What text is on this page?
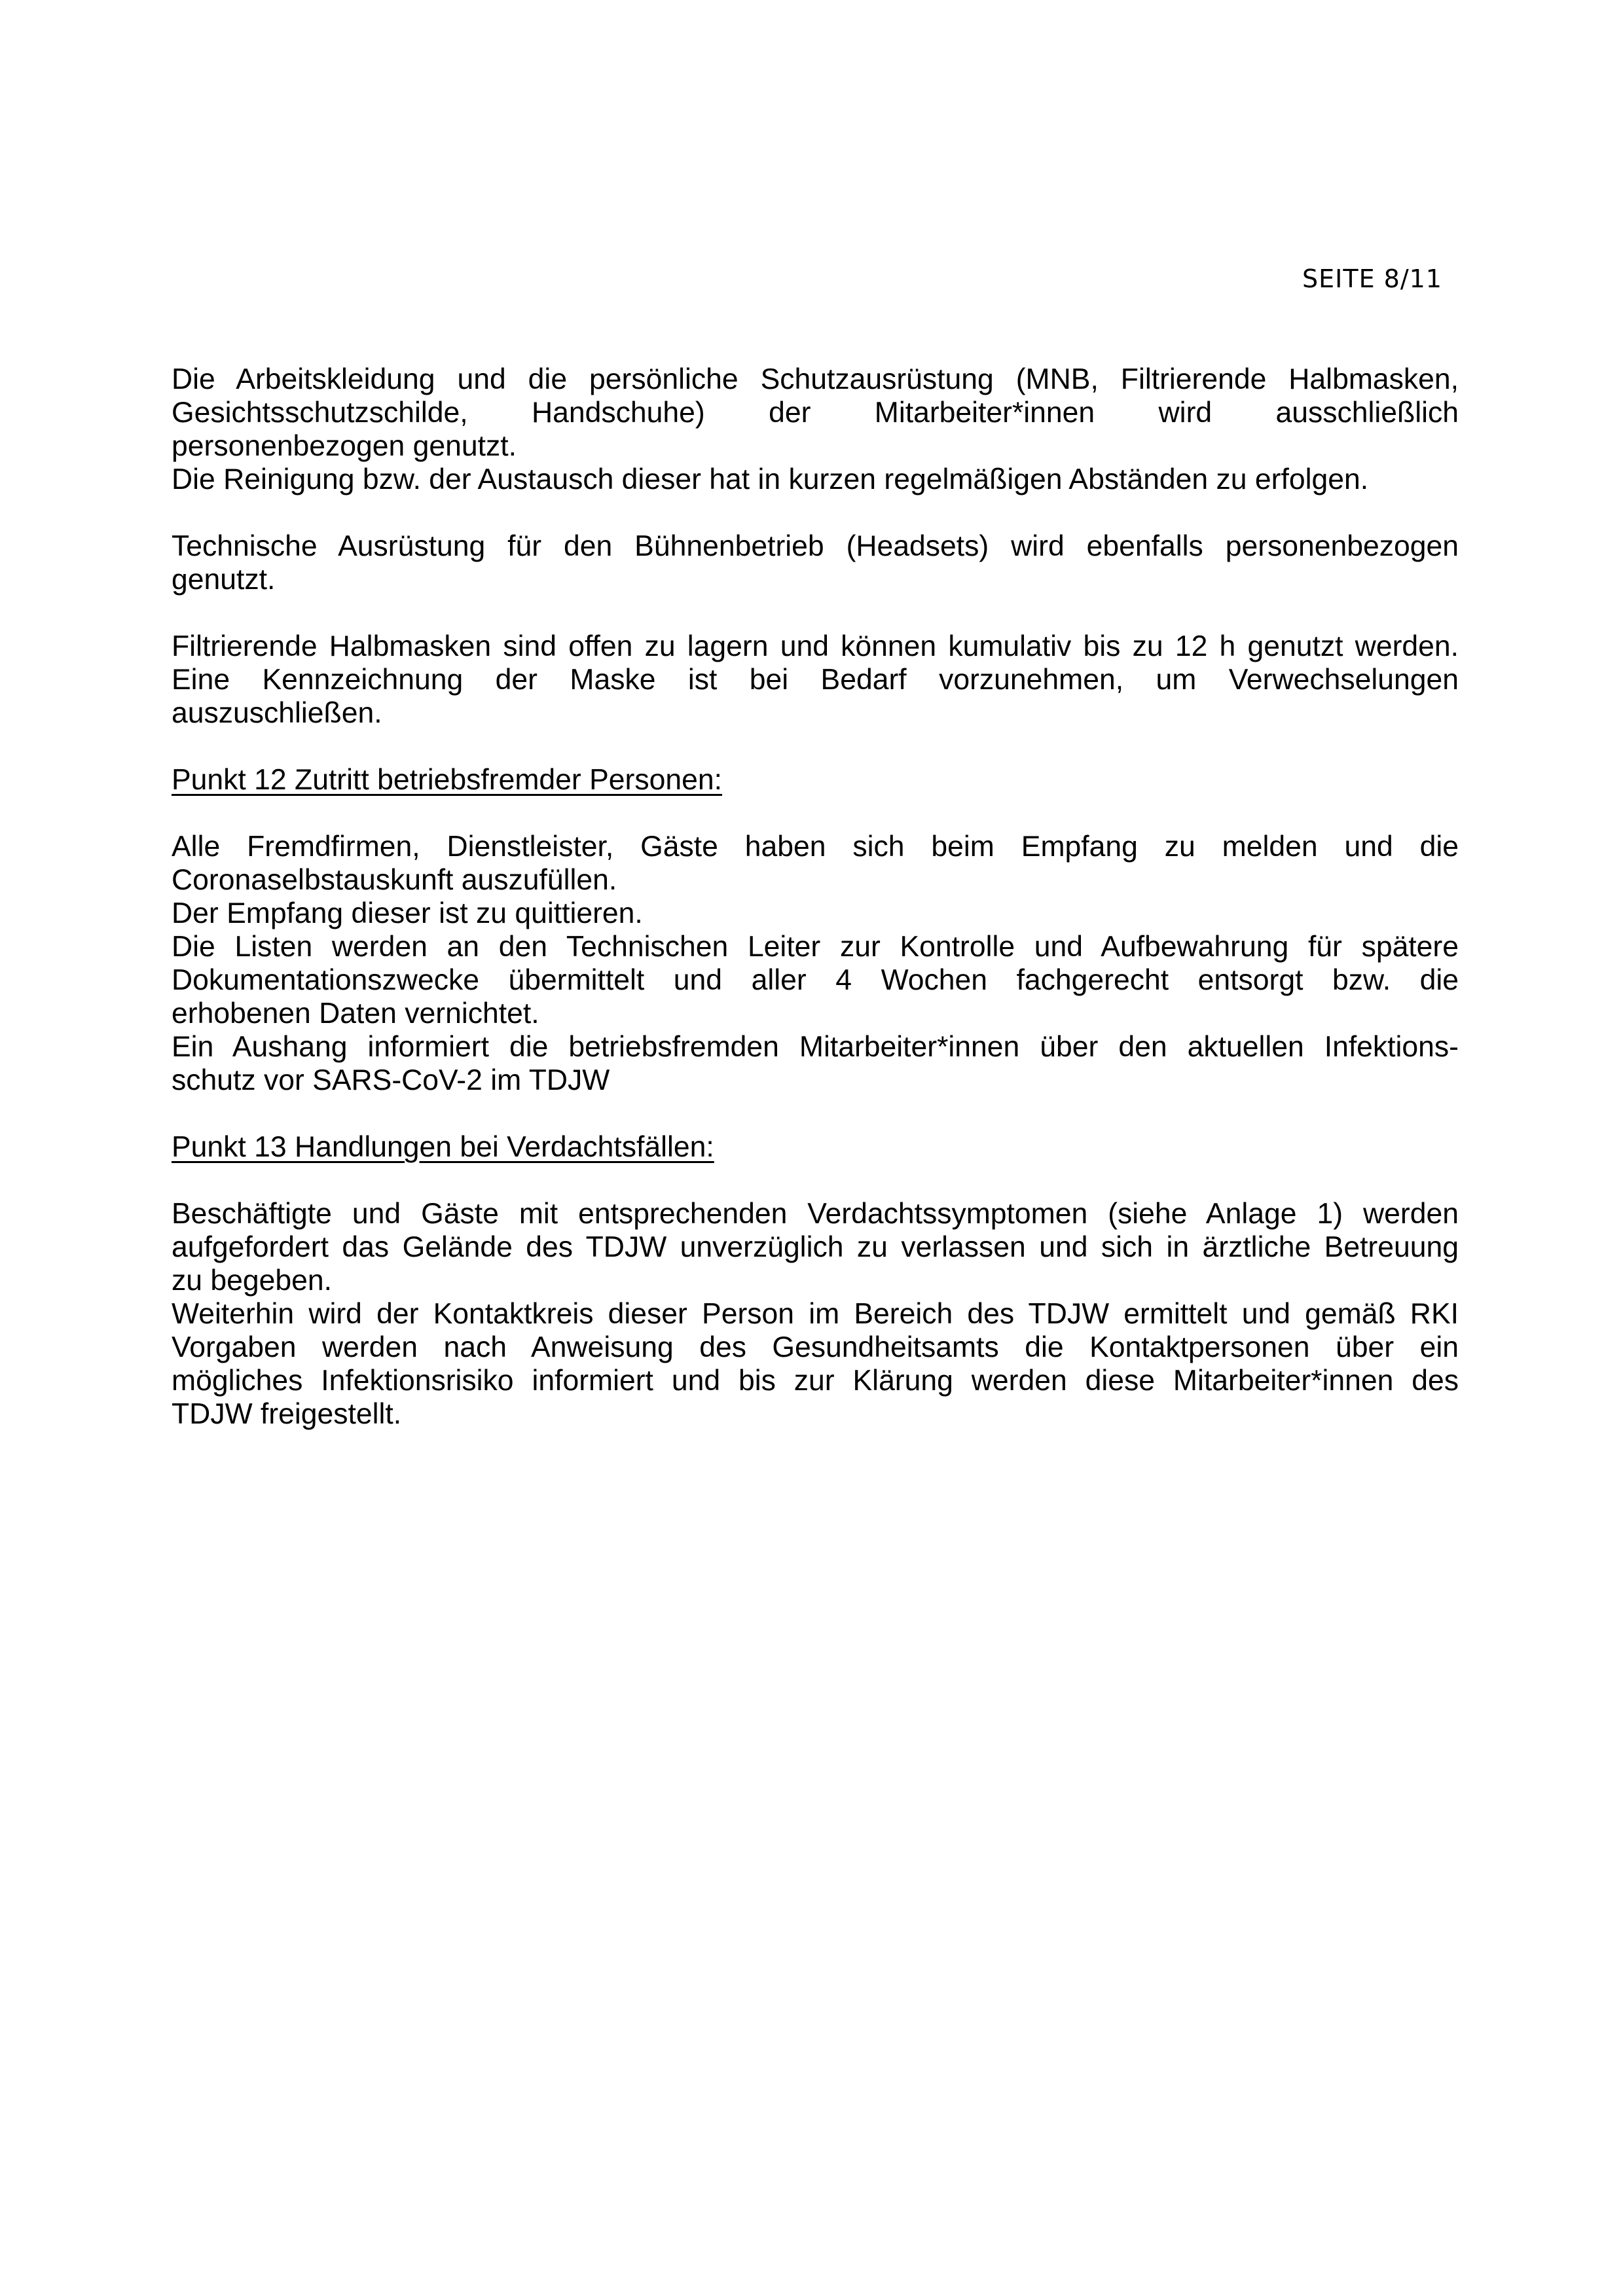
SEITE 8/11
Die Arbeitskleidung und die persönliche Schutzausrüstung (MNB, Filtrierende Halbmasken,
Gesichtsschutzschilde, Handschuhe) der Mitarbeiter*innen wird ausschließlich
personenbezogen genutzt.
Die Reinigung bzw. der Austausch dieser hat in kurzen regelmäßigen Abständen zu erfolgen.
Technische Ausrüstung für den Bühnenbetrieb (Headsets) wird ebenfalls personenbezogen
genutzt.
Filtrierende Halbmasken sind offen zu lagern und können kumulativ bis zu 12 h genutzt werden.
Eine Kennzeichnung der Maske ist bei Bedarf vorzunehmen, um Verwechselungen
auszuschließen.
Punkt 12 Zutritt betriebsfremder Personen:
Alle Fremdfirmen, Dienstleister, Gäste haben sich beim Empfang zu melden und die
Coronaselbstauskunft auszufüllen.
Der Empfang dieser ist zu quittieren.
Die Listen werden an den Technischen Leiter zur Kontrolle und Aufbewahrung für spätere
Dokumentationszwecke übermittelt und aller 4 Wochen fachgerecht entsorgt bzw. die
erhobenen Daten vernichtet.
Ein Aushang informiert die betriebsfremden Mitarbeiter*innen über den aktuellen Infektions-
schutz vor SARS-CoV-2 im TDJW
Punkt 13 Handlungen bei Verdachtsfällen:
Beschäftigte und Gäste mit entsprechenden Verdachtssymptomen (siehe Anlage 1) werden
aufgefordert das Gelände des TDJW unverzüglich zu verlassen und sich in ärztliche Betreuung
zu begeben.
Weiterhin wird der Kontaktkreis dieser Person im Bereich des TDJW ermittelt und gemäß RKI
Vorgaben werden nach Anweisung des Gesundheitsamts die Kontaktpersonen über ein
mögliches Infektionsrisiko informiert und bis zur Klärung werden diese Mitarbeiter*innen des
TDJW freigestellt.
